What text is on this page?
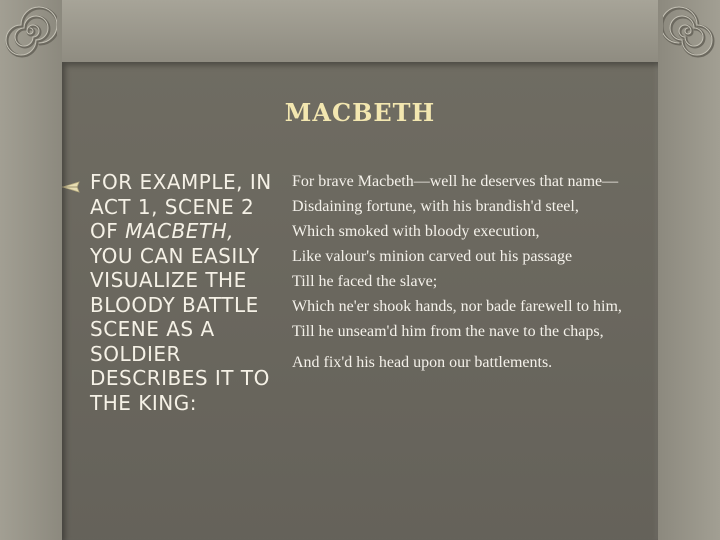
macbeth
FOR EXAMPLE, IN ACT 1, SCENE 2 OF MACBETH, YOU CAN EASILY VISUALIZE THE BLOODY BATTLE SCENE AS A SOLDIER DESCRIBES IT TO THE KING:
For brave Macbeth—well he deserves that name—
Disdaining fortune, with his brandish'd steel,
Which smoked with bloody execution,
Like valour's minion carved out his passage
Till he faced the slave;
Which ne'er shook hands, nor bade farewell to him,
Till he unseam'd him from the nave to the chaps,
And fix'd his head upon our battlements.
